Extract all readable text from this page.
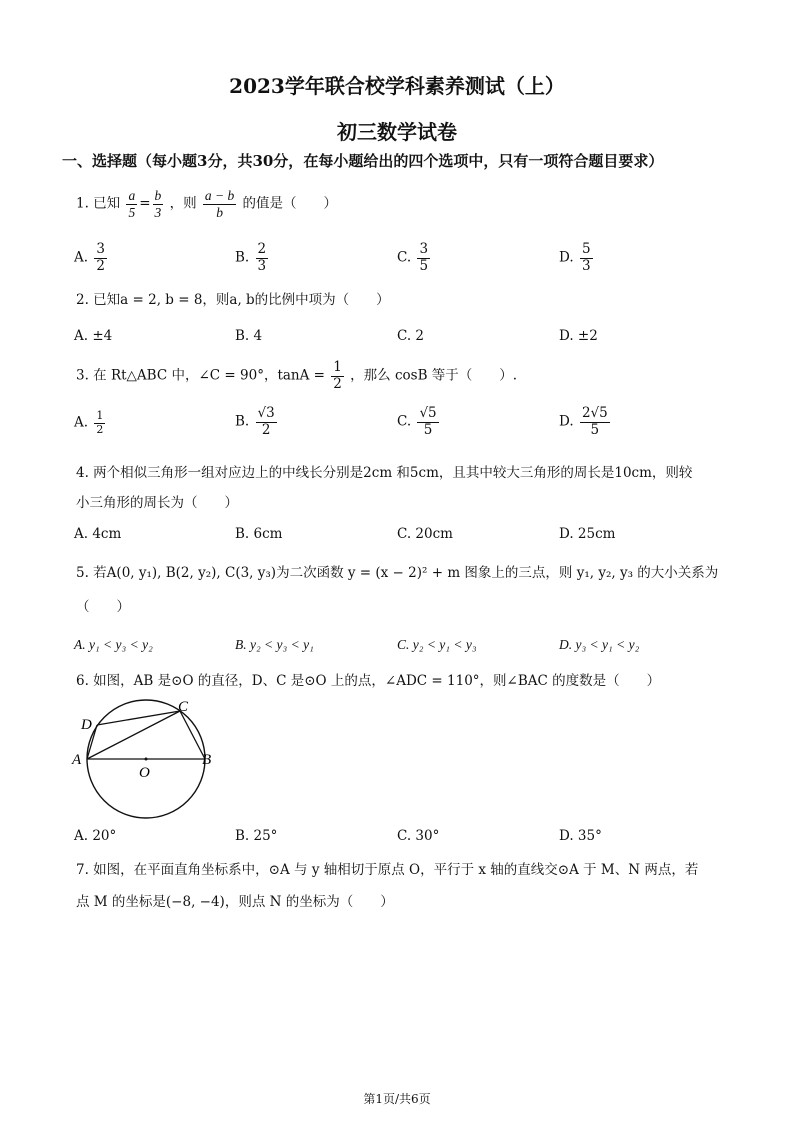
2023学年联合校学科素养测试（上）
初三数学试卷
一、选择题（每小题3分，共30分，在每小题给出的四个选项中，只有一项符合题目要求）
1. 已知 $\frac{a}{5} = \frac{b}{3}$ ，则 $\frac{a - b}{b}$ 的值是（　　）
A. $\frac{3}{2}$	B. $\frac{2}{3}$	C. $\frac{3}{5}$	D. $\frac{5}{3}$
2. 已知a = 2, b = 8，则a, b的比例中项为（　　）
A. ±4	B. 4	C. 2	D. ±2
3. 在 Rt△ABC 中，∠C = 90°，$\tan A = \frac{1}{2}$ ，那么 cosB 等于（　　）.
A. $\frac{1}{2}$	B. $\frac{√3}{2}$	C. $\frac{√5}{5}$	D. $\frac{2√5}{5}$
4. 两个相似三角形一组对应边上的中线长分别是2cm 和5cm，且其中较大三角形的周长是10cm，则较
小三角形的周长为（　　）
A. 4cm	B. 6cm	C. 20cm	D. 25cm
5. 若A(0, y₁), B(2, y₂), C(3, y₃)为二次函数 y = (x − 2)² + m 图象上的三点，则 y₁, y₂, y₃ 的大小关系为
（　　）
A. y₁ < y₃ < y₂	B. y₂ < y₃ < y₁	C. y₂ < y₁ < y₃	D. y₃ < y₁ < y₂
6. 如图，AB 是⊙O 的直径，D、C 是⊙O 上的点，∠ADC = 110°，则∠BAC 的度数是（　　）
A	B
C
D
O
A. 20°	B. 25°	C. 30°	D. 35°
7. 如图，在平面直角坐标系中，⊙A 与 y 轴相切于原点 O，平行于 x 轴的直线交⊙A 于 M、N 两点，若
点 M 的坐标是(−8, −4)，则点 N 的坐标为（　　）
第1页/共6页
